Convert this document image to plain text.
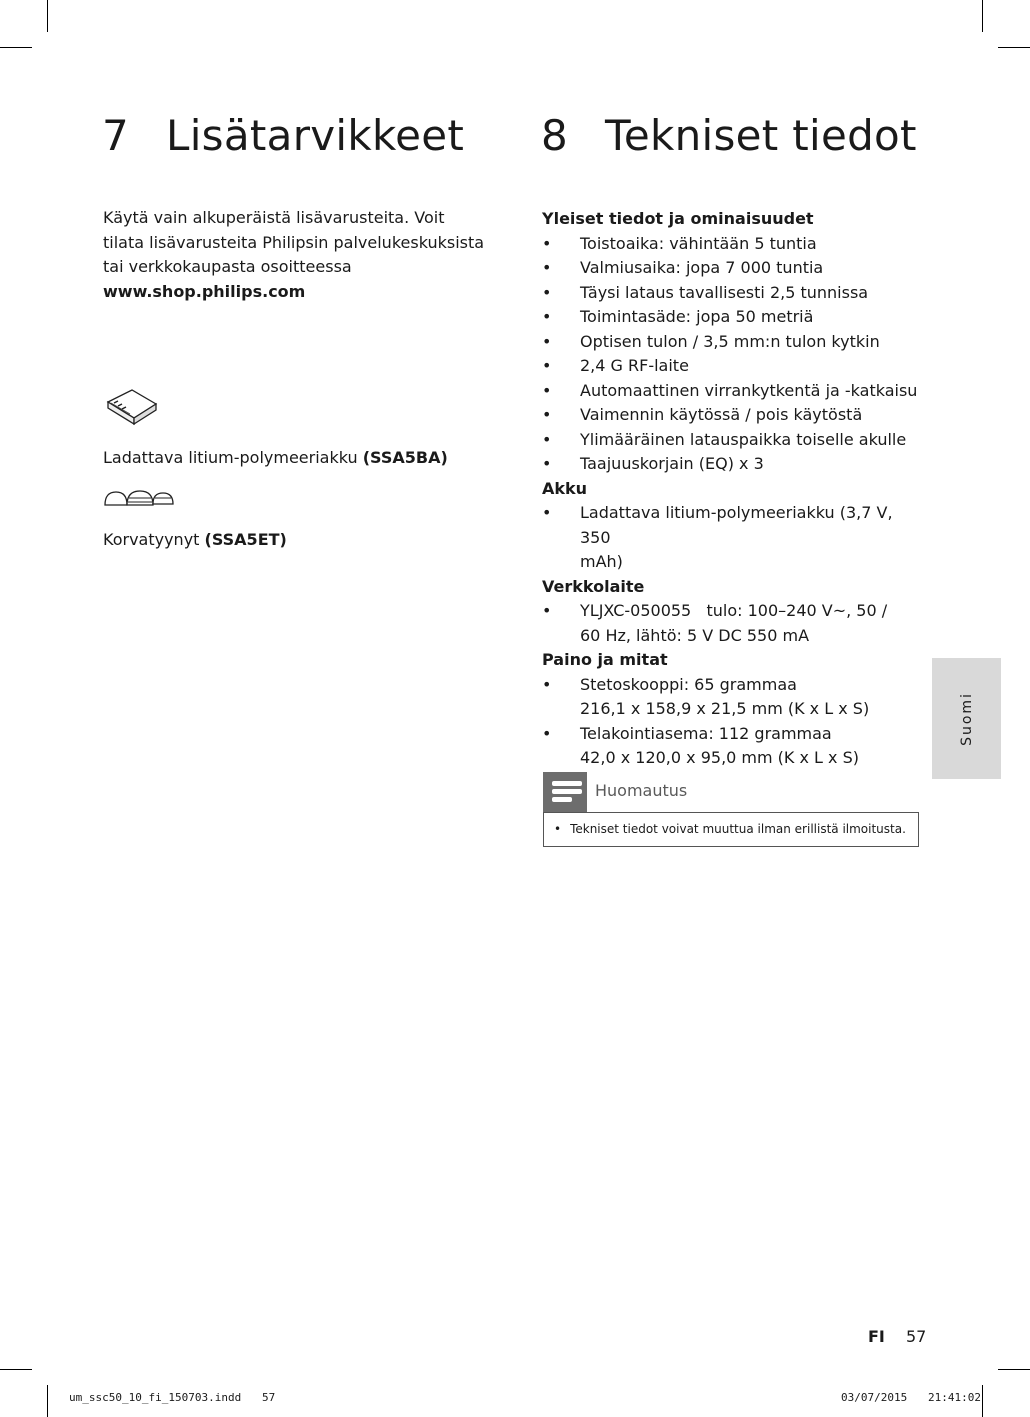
7 Lisätarvikkeet

Käytä vain alkuperäistä lisävarusteita. Voit
tilata lisävarusteita Philipsin palvelukeskuksista
tai verkkokaupasta osoitteessa
www.shop.philips.com

Ladattava litium-polymeeriakku (SSA5BA)

Korvatyynyt (SSA5ET)

8 Tekniset tiedot

Yleiset tiedot ja ominaisuudet

• Toistoaika: vähintään 5 tuntia
• Valmiusaika: jopa 7 000 tuntia
• Täysi lataus tavallisesti 2,5 tunnissa
• Toimintasäde: jopa 50 metriä
• Optisen tulon / 3,5 mm:n tulon kytkin
• 2,4 G RF-laite
• Automaattinen virrankytkentä ja -katkaisu
• Vaimennin käytössä / pois käytöstä
• Ylimääräinen latauspaikka toiselle akulle
• Taajuuskorjain (EQ) x 3

Akku

• Ladattava litium-polymeeriakku (3,7 V, 350
mAh)

Verkkolaite

• YLJXC-050055   tulo: 100–240 V~, 50 /
60 Hz, lähtö: 5 V DC 550 mA

Paino ja mitat

• Stetoskooppi: 65 grammaa
216,1 x 158,9 x 21,5 mm (K x L x S)
• Telakointiasema: 112 grammaa
42,0 x 120,0 x 95,0 mm (K x L x S)
Huomautus
• Tekniset tiedot voivat muuttua ilman erillistä ilmoitusta.
Suomi
FI 57
um_ssc50_10_fi_150703.indd 57	03/07/2015 21:41:02
